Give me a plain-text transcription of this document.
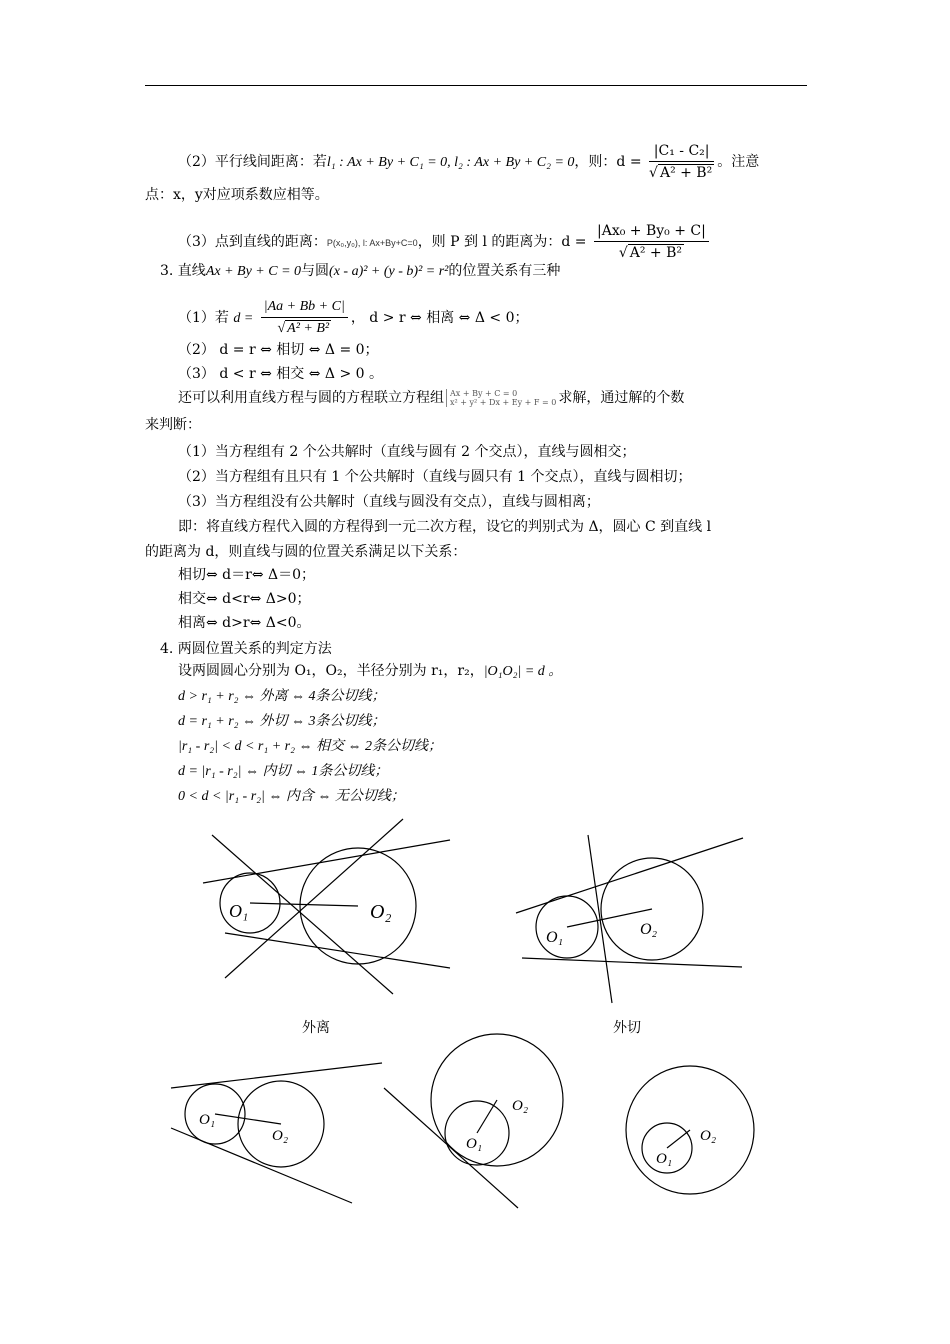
（2）平行线间距离：若l₁ : Ax + By + C₁ = 0, l₂ : Ax + By + C₂ = 0，则：$d = \frac{\text{|C₁ - C₂|}}{\text{√ A² + B²}}$ 。注意
点：x，y对应项系数应相等。
（3）点到直线的距离：P(x₀,y₀), l: Ax+By+C=0，则 P 到 l 的距离为：$d = \frac{\text{|Ax₀ + By₀ + C|}}{\text{√ A² + B²}}$
3. 直线Ax + By + C = 0与圆(x - a)² + (y - b)² = r²的位置关系有三种
（1）若 $d = \frac{|Aa + Bb + C|}{\text{√ A² + B²}}$ ， d > r ⇔ 相离 ⇔ Δ < 0；
（2） d = r ⇔ 相切 ⇔ Δ = 0；
（3） d < r ⇔ 相交 ⇔ Δ > 0 。
还可以利用直线方程与圆的方程联立方程组 Ax + By + C = 0
x² + y² + Dx + Ey + F = 0 求解，通过解的个数
来判断：
（1）当方程组有 2 个公共解时（直线与圆有 2 个交点），直线与圆相交；
（2）当方程组有且只有 1 个公共解时（直线与圆只有 1 个交点），直线与圆相切；
（3）当方程组没有公共解时（直线与圆没有交点），直线与圆相离；
即：将直线方程代入圆的方程得到一元二次方程，设它的判别式为 Δ，圆心 C 到直线 l
的距离为 d，则直线与圆的位置关系满足以下关系：
相切⇔ d＝r⇔ Δ＝0；
相交⇔ d<r⇔ Δ>0；
相离⇔ d>r⇔ Δ<0。
4. 两圆位置关系的判定方法
设两圆圆心分别为 O₁，O₂，半径分别为 r₁，r₂，|O₁O₂| = d 。
d > r₁ + r₂ ⇔ 外离 ⇔ 4条公切线；
d = r₁ + r₂ ⇔ 外切 ⇔ 3条公切线；
|r₁ - r₂| < d < r₁ + r₂ ⇔ 相交 ⇔ 2条公切线；
d = |r₁ - r₂| ⇔ 内切 ⇔ 1条公切线；
0 < d < |r₁ - r₂| ⇔ 内含 ⇔ 无公切线；
O₁	O₂
外离
O₁	O₂
外切
O₁
O₂	O₁
O₂
O₁
O₂
